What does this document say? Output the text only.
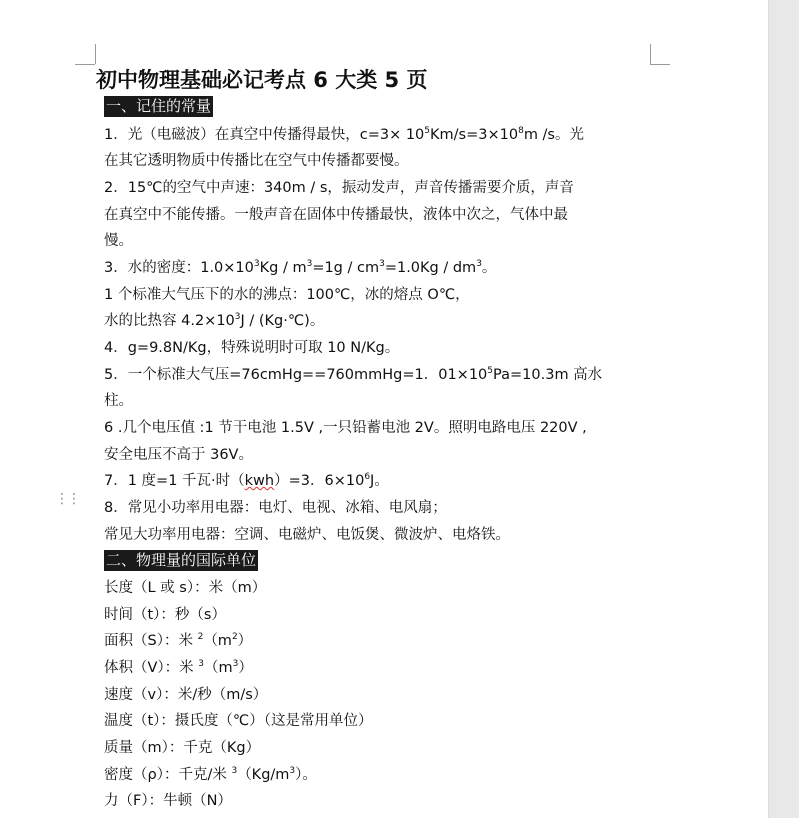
⋮⋮
初中物理基础必记考点 6 大类 5 页
一、记住的常量
1．光（电磁波）在真空中传播得最快，$c=3\times 10^5Km/s=3\times 10^8m$ /s。光
在其它透明物质中传播比在空气中传播都要慢。
2．15℃的空气中声速：340m / s，振动发声，声音传播需要介质，声音
在真空中不能传播。一般声音在固体中传播最快，液体中次之，气体中最
慢。
3．水的密度：$1.0\times 10^3Kg / m^3=1g / cm^3=1.0Kg / dm^3$。
1 个标准大气压下的水的沸点：100℃，冰的熔点 O℃，
水的比热容 $4.2\times 10^3J$ / (Kg·℃)。
4．g=9.8N/Kg，特殊说明时可取 10 N/Kg。
5．一个标准大气压=76cmHg==760mmHg=1．$01\times 10^5Pa=10.3m$ 高水
柱。
6 .几个电压值 :1 节干电池 1.5V ,一只铅蓄电池 2V。照明电路电压 220V ,
安全电压不高于 36V。
7．1 度=1 千瓦·时（kwh）=3．$6\times 10^6J$。
8．常见小功率用电器：电灯、电视、冰箱、电风扇；
常见大功率用电器：空调、电磁炉、电饭煲、微波炉、电烙铁。
二、物理量的国际单位
长度（L 或 s）：米（m）
时间（t）：秒（s）
面积（S）：米 $^2(m^2)$
体积（V）：米 $^3(m^3)$
速度（v）：米/秒（m/s）
温度（t）：摄氏度（℃）（这是常用单位）
质量（m）：千克（Kg）
密度（ρ）：千克/米 $^3(Kg/m^3)$。
力（F）：牛顿（N）
